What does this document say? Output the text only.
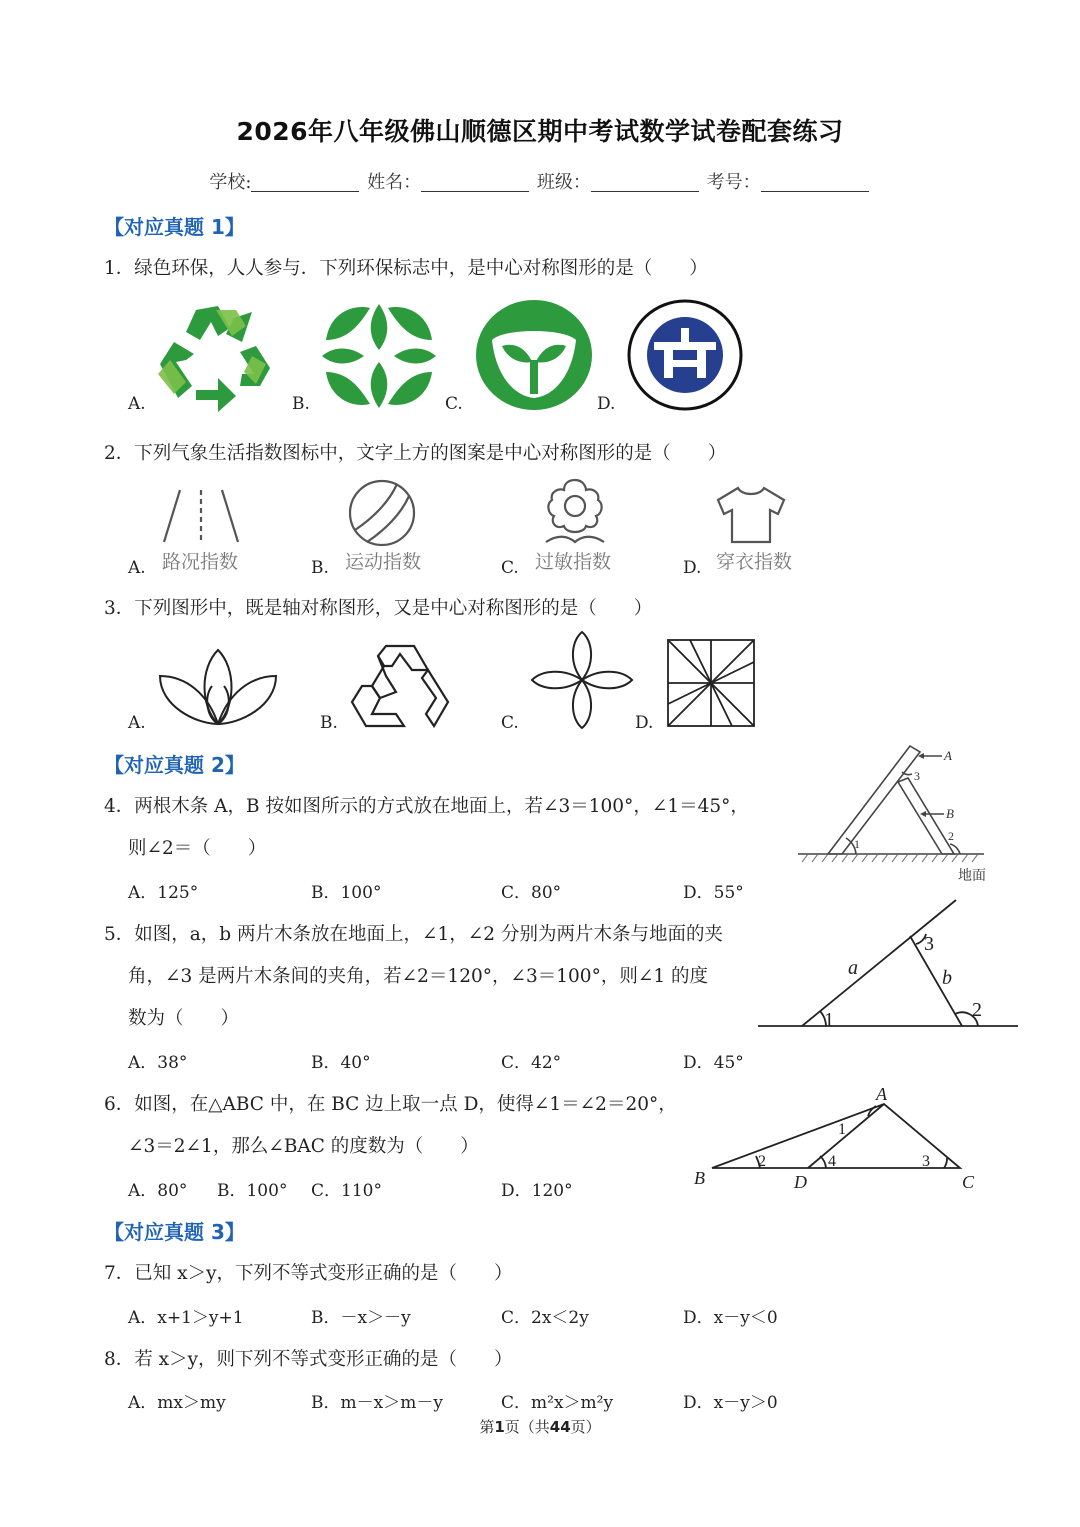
2026年八年级佛山顺德区期中考试数学试卷配套练习
学校:	姓名：	班级：	考号：
【对应真题 1】
1．绿色环保，人人参与．下列环保标志中，是中心对称图形的是（　　）
A.	B.	C.	D.
2．下列气象生活指数图标中，文字上方的图案是中心对称图形的是（　　）
A.	B.	C.	D.
路况指数	运动指数	过敏指数	穿衣指数
3．下列图形中，既是轴对称图形，又是中心对称图形的是（　　）
A.	B.	C.	D.
【对应真题 2】
4．两根木条 A，B 按如图所示的方式放在地面上，若∠3＝100°，∠1＝45°，
则∠2＝（　　）
A．125°	B．100°	C．80°	D．55°
A
B
1
2
3
地面
5．如图，a，b 两片木条放在地面上，∠1，∠2 分别为两片木条与地面的夹
角，∠3 是两片木条间的夹角，若∠2＝120°，∠3＝100°，则∠1 的度
数为（　　）
A．38°	B．40°	C．42°	D．45°
a	b
1	2
3
6．如图，在△ABC 中，在 BC 边上取一点 D，使得∠1＝∠2＝20°，
∠3＝2∠1，那么∠BAC 的度数为（　　）
A．80° B．100° C．110°	D．120°
A
B	C
D
1
2	3
4
【对应真题 3】
7．已知 x＞y，下列不等式变形正确的是（　　）
A．x+1＞y+1	B．－x＞－y	C．2x＜2y	D．x－y＜0
8．若 x＞y，则下列不等式变形正确的是（　　）
A．mx＞my	B．m－x＞m－y	C．m²x＞m²y	D．x－y＞0
第1页（共44页）
